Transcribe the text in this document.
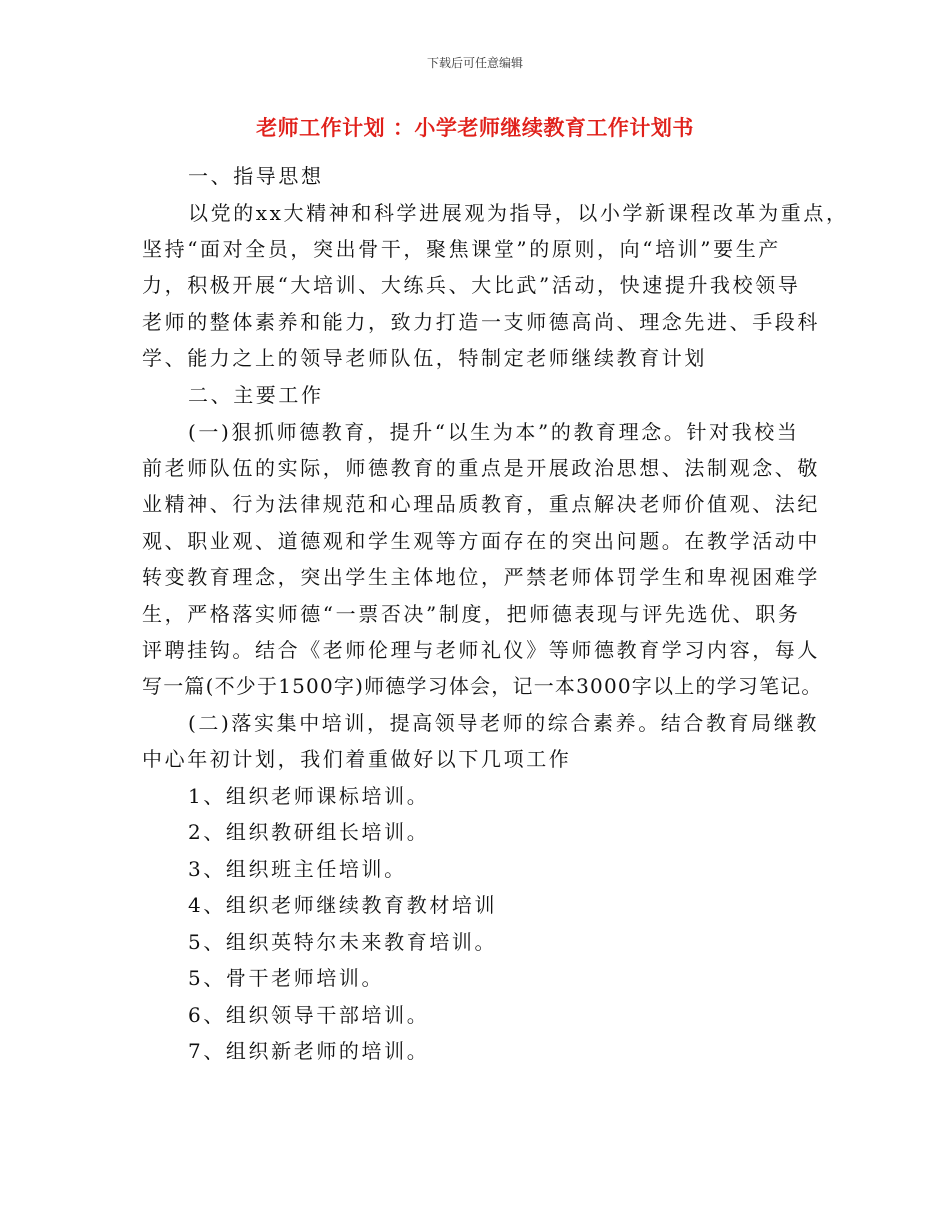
下载后可任意编辑
老师工作计划 ：小学老师继续教育工作计划书
一、指导思想
以党的xx大精神和科学进展观为指导，以小学新课程改革为重点，
坚持“面对全员，突出骨干，聚焦课堂”的原则，向“培训”要生产
力，积极开展“大培训、大练兵、大比武”活动，快速提升我校领导
老师的整体素养和能力，致力打造一支师德高尚、理念先进、手段科
学、能力之上的领导老师队伍，特制定老师继续教育计划
二、主要工作
(一)狠抓师德教育，提升“以生为本”的教育理念。针对我校当
前老师队伍的实际，师德教育的重点是开展政治思想、法制观念、敬
业精神、行为法律规范和心理品质教育，重点解决老师价值观、法纪
观、职业观、道德观和学生观等方面存在的突出问题。在教学活动中
转变教育理念，突出学生主体地位，严禁老师体罚学生和卑视困难学
生，严格落实师德“一票否决”制度，把师德表现与评先选优、职务
评聘挂钩。结合《老师伦理与老师礼仪》等师德教育学习内容，每人
写一篇(不少于1500字)师德学习体会，记一本3000字以上的学习笔记。
(二)落实集中培训，提高领导老师的综合素养。结合教育局继教
中心年初计划，我们着重做好以下几项工作
1、组织老师课标培训。
2、组织教研组长培训。
3、组织班主任培训。
4、组织老师继续教育教材培训
5、组织英特尔未来教育培训。
5、骨干老师培训。
6、组织领导干部培训。
7、组织新老师的培训。
